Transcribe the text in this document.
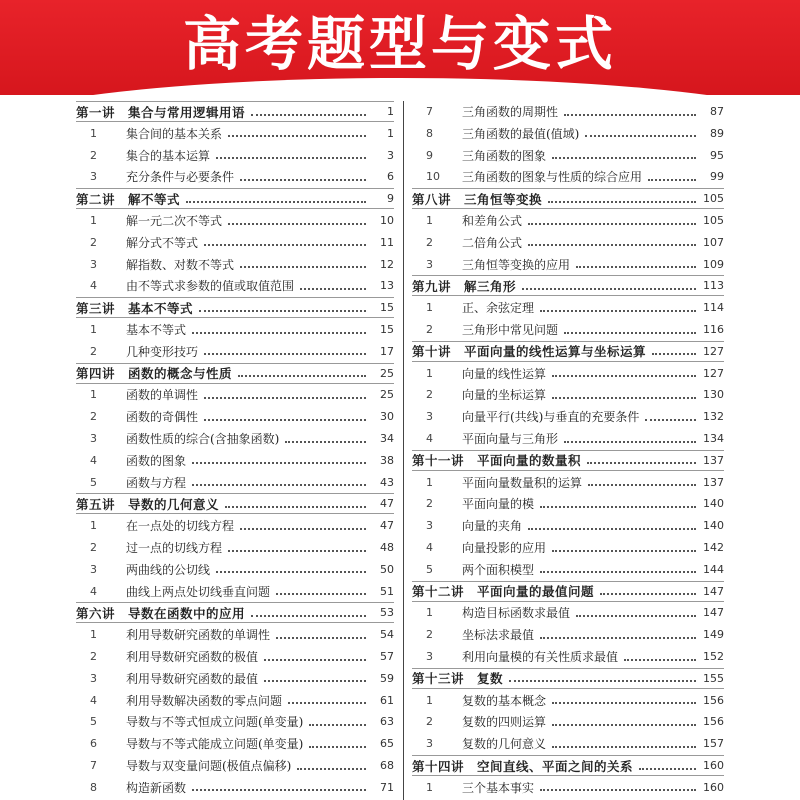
高考题型与变式
第一讲　集合与常用逻辑用语	1
1	集合间的基本关系	1
2	集合的基本运算	3
3	充分条件与必要条件	6
第二讲　解不等式	9
1	解一元二次不等式	10
2	解分式不等式	11
3	解指数、对数不等式	12
4	由不等式求参数的值或取值范围	13
第三讲　基本不等式	15
1	基本不等式	15
2	几种变形技巧	17
第四讲　函数的概念与性质	25
1	函数的单调性	25
2	函数的奇偶性	30
3	函数性质的综合(含抽象函数)	34
4	函数的图象	38
5	函数与方程	43
第五讲　导数的几何意义	47
1	在一点处的切线方程	47
2	过一点的切线方程	48
3	两曲线的公切线	50
4	曲线上两点处切线垂直问题	51
第六讲　导数在函数中的应用	53
1	利用导数研究函数的单调性	54
2	利用导数研究函数的极值	57
3	利用导数研究函数的最值	59
4	利用导数解决函数的零点问题	61
5	导数与不等式恒成立问题(单变量)	63
6	导数与不等式能成立问题(单变量)	65
7	导数与双变量问题(极值点偏移)	68
8	构造新函数	71
7	三角函数的周期性	87
8	三角函数的最值(值域)	89
9	三角函数的图象	95
10	三角函数的图象与性质的综合应用	99
第八讲　三角恒等变换	105
1	和差角公式	105
2	二倍角公式	107
3	三角恒等变换的应用	109
第九讲　解三角形	113
1	正、余弦定理	114
2	三角形中常见问题	116
第十讲　平面向量的线性运算与坐标运算	127
1	向量的线性运算	127
2	向量的坐标运算	130
3	向量平行(共线)与垂直的充要条件	132
4	平面向量与三角形	134
第十一讲　平面向量的数量积	137
1	平面向量数量积的运算	137
2	平面向量的模	140
3	向量的夹角	140
4	向量投影的应用	142
5	两个面积模型	144
第十二讲　平面向量的最值问题	147
1	构造目标函数求最值	147
2	坐标法求最值	149
3	利用向量模的有关性质求最值	152
第十三讲　复数	155
1	复数的基本概念	156
2	复数的四则运算	156
3	复数的几何意义	157
第十四讲　空间直线、平面之间的关系	160
1	三个基本事实	160
